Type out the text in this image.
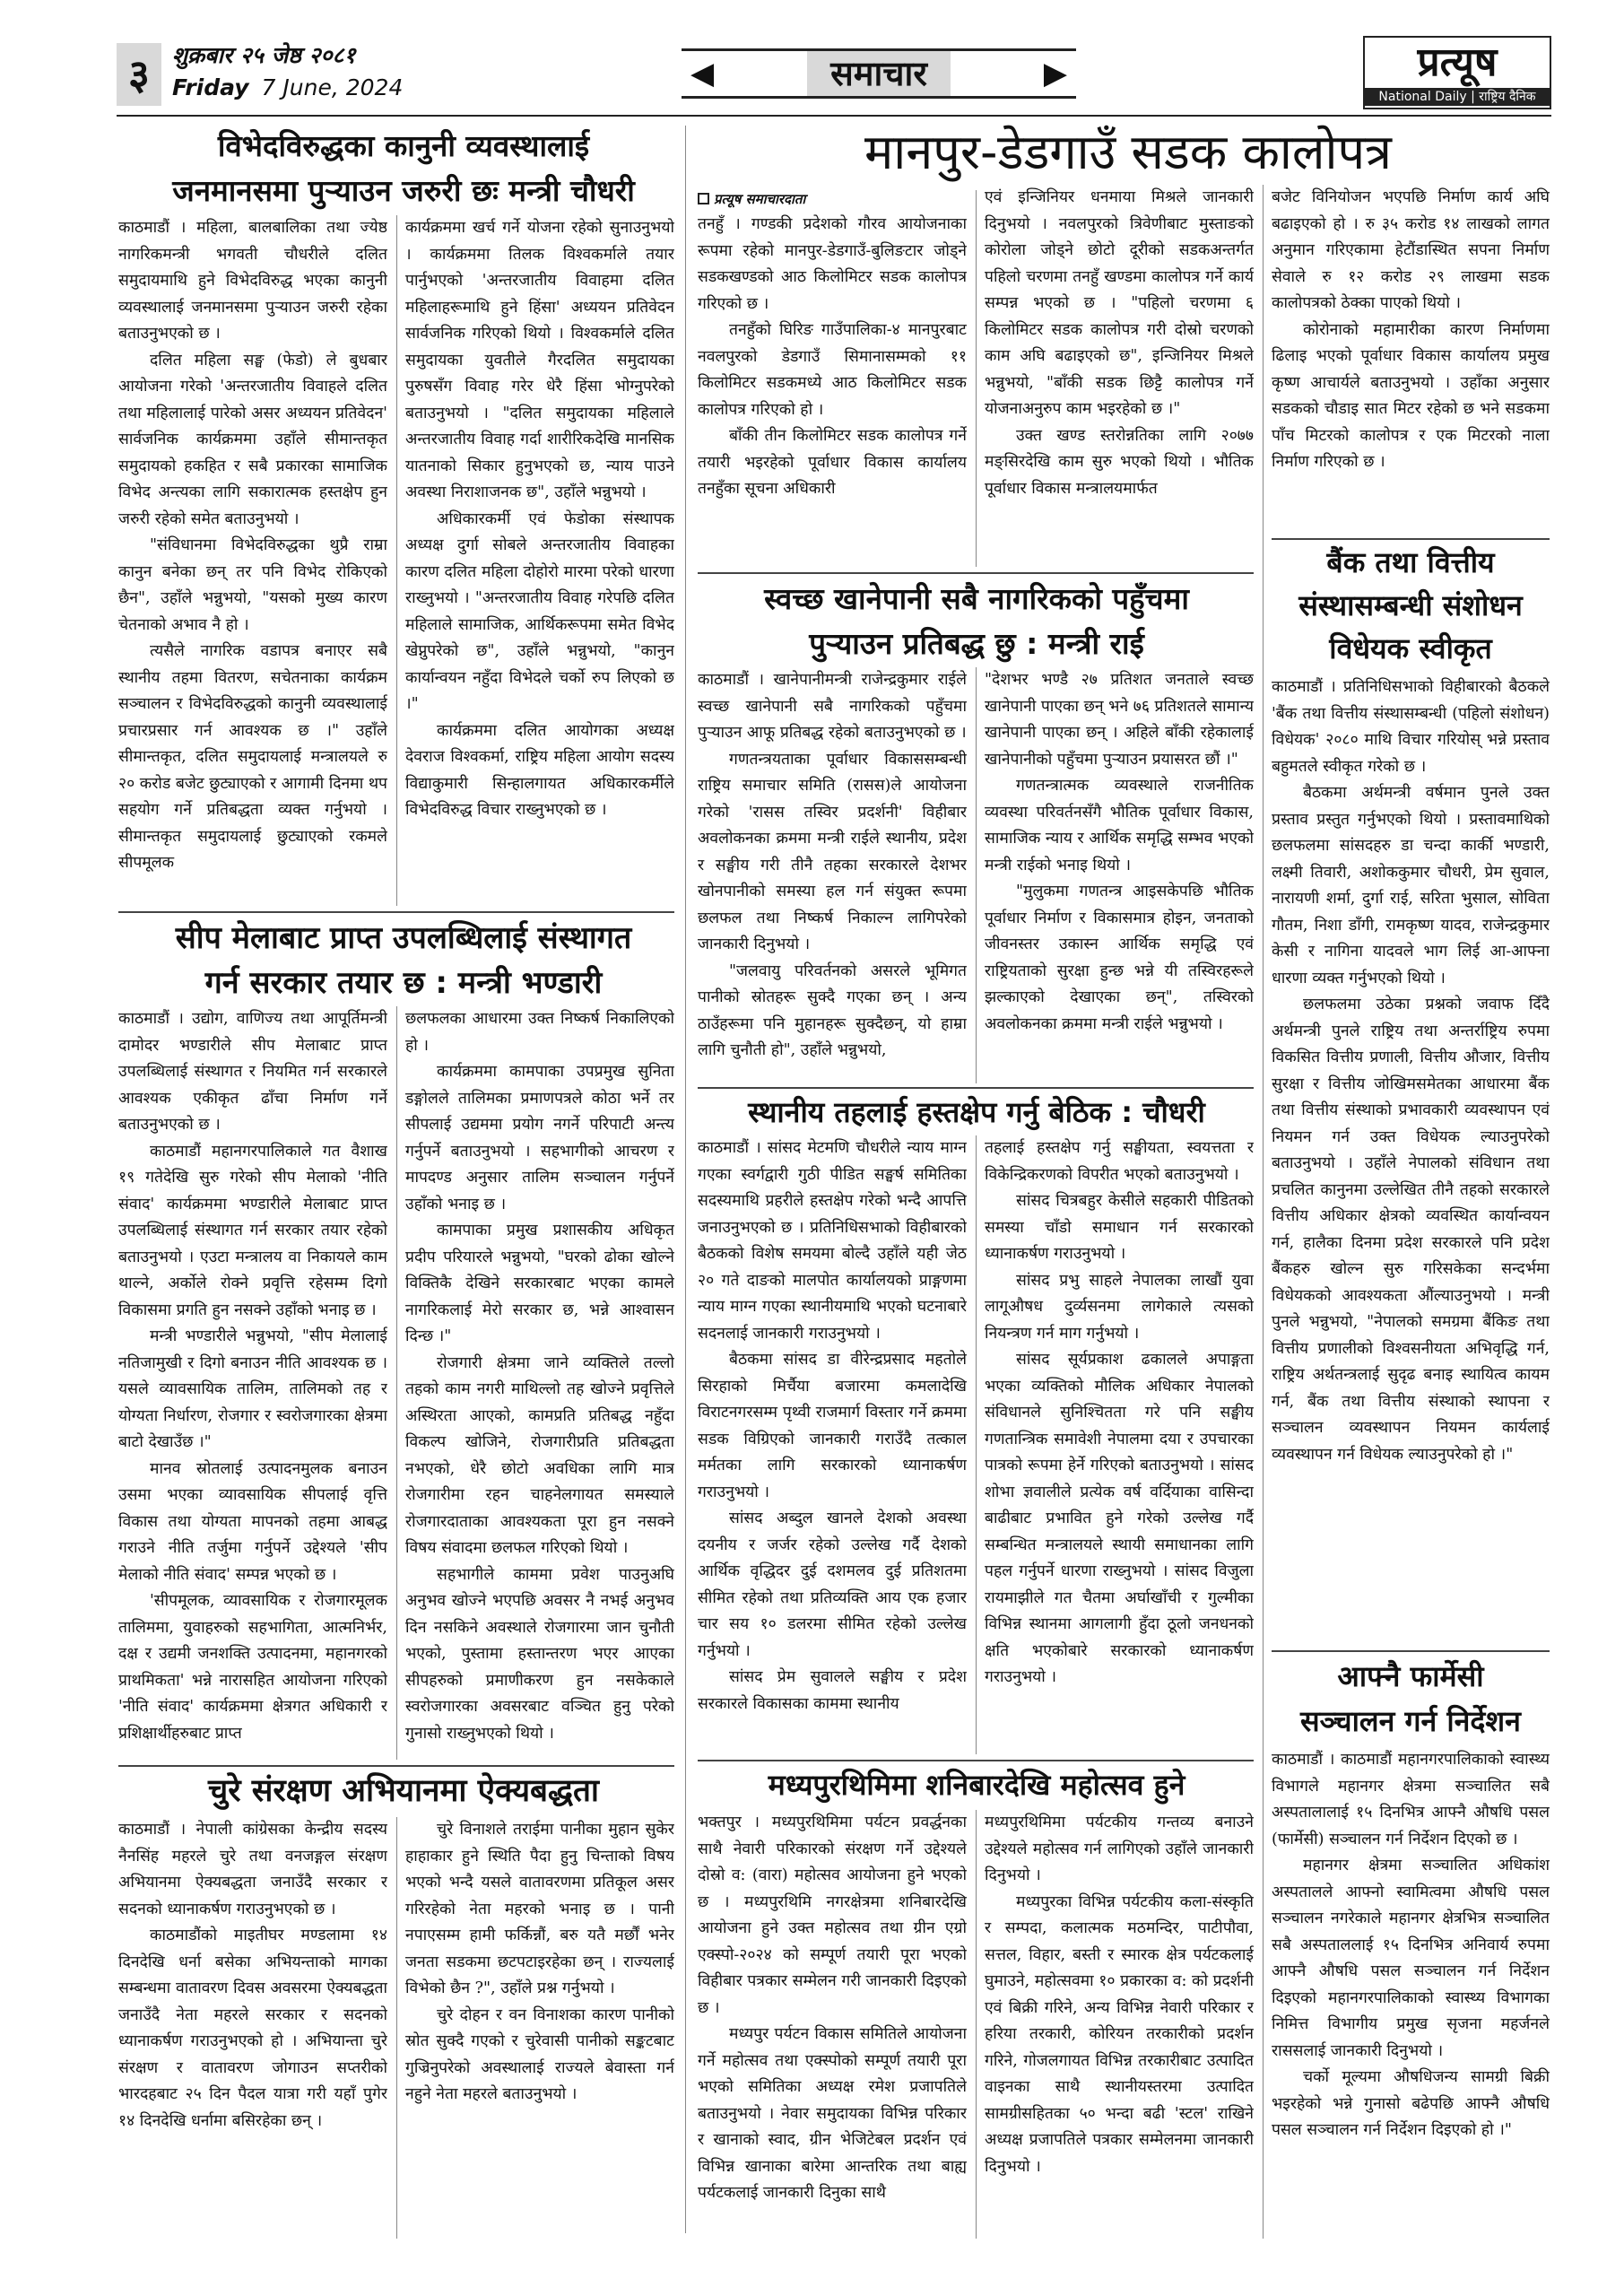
३	शुक्रबार २५ जेष्ठ २०८१
Friday 7 June, 2024	◀	समाचार	▶	प्रत्यूष
National Daily | राष्ट्रिय दैनिक
विभेदविरुद्धका कानुनी व्यवस्थालाई
जनमानसमा पुर्‍याउन जरुरी छः मन्त्री चौधरी

काठमाडौं । महिला, बालबालिका तथा ज्येष्ठ नागरिकमन्त्री भगवती चौधरीले दलित समुदायमाथि हुने विभेदविरुद्ध भएका कानुनी व्यवस्थालाई जनमानसमा पुर्‍याउन जरुरी रहेका बताउनुभएको छ ।

दलित महिला सङ्घ (फेडो) ले बुधबार आयोजना गरेको 'अन्तरजातीय विवाहले दलित तथा महिलालाई पारेको असर अध्ययन प्रतिवेदन' सार्वजनिक कार्यक्रममा उहाँले सीमान्तकृत समुदायको हकहित र सबै प्रकारका सामाजिक विभेद अन्त्यका लागि सकारात्मक हस्तक्षेप हुन जरुरी रहेको समेत बताउनुभयो ।

"संविधानमा विभेदविरुद्धका थुप्रै राम्रा कानुन बनेका छन् तर पनि विभेद रोकिएको छैन", उहाँले भन्नुभयो, "यसको मुख्य कारण चेतनाको अभाव नै हो ।

त्यसैले नागरिक वडापत्र बनाएर सबै स्थानीय तहमा वितरण, सचेतनाका कार्यक्रम सञ्चालन र विभेदविरुद्धको कानुनी व्यवस्थालाई प्रचारप्रसार गर्न आवश्यक छ ।" उहाँले सीमान्तकृत, दलित समुदायलाई मन्त्रालयले रु २० करोड बजेट छुट्याएको र आगामी दिनमा थप सहयोग गर्ने प्रतिबद्धता व्यक्त गर्नुभयो । सीमान्तकृत समुदायलाई छुट्याएको रकमले सीपमूलक

कार्यक्रममा खर्च गर्ने योजना रहेको सुनाउनुभयो । कार्यक्रममा तिलक विश्वकर्माले तयार पार्नुभएको 'अन्तरजातीय विवाहमा दलित महिलाहरूमाथि हुने हिंसा' अध्ययन प्रतिवेदन सार्वजनिक गरिएको थियो । विश्वकर्माले दलित समुदायका युवतीले गैरदलित समुदायका पुरुषसँग विवाह गरेर धेरै हिंसा भोग्नुपरेको बताउनुभयो । "दलित समुदायका महिलाले अन्तरजातीय विवाह गर्दा शारीरिकदेखि मानसिक यातनाको सिकार हुनुभएको छ, न्याय पाउने अवस्था निराशाजनक छ", उहाँले भन्नुभयो ।

अधिकारकर्मी एवं फेडोका संस्थापक अध्यक्ष दुर्गा सोबले अन्तरजातीय विवाहका कारण दलित महिला दोहोरो मारमा परेको धारणा राख्नुभयो । "अन्तरजातीय विवाह गरेपछि दलित महिलाले सामाजिक, आर्थिकरूपमा समेत विभेद खेप्नुपरेको छ", उहाँले भन्नुभयो, "कानुन कार्यान्वयन नहुँदा विभेदले चर्को रुप लिएको छ ।"

कार्यक्रममा दलित आयोगका अध्यक्ष देवराज विश्वकर्मा, राष्ट्रिय महिला आयोग सदस्य विद्याकुमारी सिन्हालगायत अधिकारकर्मीले विभेदविरुद्ध विचार राख्नुभएको छ ।

सीप मेलाबाट प्राप्त उपलब्धिलाई संस्थागत
गर्न सरकार तयार छ : मन्त्री भण्डारी

काठमाडौं । उद्योग, वाणिज्य तथा आपूर्तिमन्त्री दामोदर भण्डारीले सीप मेलाबाट प्राप्त उपलब्धिलाई संस्थागत र नियमित गर्न सरकारले आवश्यक एकीकृत ढाँचा निर्माण गर्ने बताउनुभएको छ ।

काठमाडौं महानगरपालिकाले गत वैशाख १९ गतेदेखि सुरु गरेको सीप मेलाको 'नीति संवाद' कार्यक्रममा भण्डारीले मेलाबाट प्राप्त उपलब्धिलाई संस्थागत गर्न सरकार तयार रहेको बताउनुभयो । एउटा मन्त्रालय वा निकायले काम थाल्ने, अर्कोले रोक्ने प्रवृत्ति रहेसम्म दिगो विकासमा प्रगति हुन नसक्ने उहाँको भनाइ छ ।

मन्त्री भण्डारीले भन्नुभयो, "सीप मेलालाई नतिजामुखी र दिगो बनाउन नीति आवश्यक छ । यसले व्यावसायिक तालिम, तालिमको तह र योग्यता निर्धारण, रोजगार र स्वरोजगारका क्षेत्रमा बाटो देखाउँछ ।"

मानव स्रोतलाई उत्पादनमुलक बनाउन उसमा भएका व्यावसायिक सीपलाई वृत्ति विकास तथा योग्यता मापनको तहमा आबद्ध गराउने नीति तर्जुमा गर्नुपर्ने उद्देश्यले 'सीप मेलाको नीति संवाद' सम्पन्न भएको छ ।

'सीपमूलक, व्यावसायिक र रोजगारमूलक तालिममा, युवाहरुको सहभागिता, आत्मनिर्भर, दक्ष र उद्यमी जनशक्ति उत्पादनमा, महानगरको प्राथमिकता' भन्ने नारासहित आयोजना गरिएको 'नीति संवाद' कार्यक्रममा क्षेत्रगत अधिकारी र प्रशिक्षार्थीहरुबाट प्राप्त

छलफलका आधारमा उक्त निष्कर्ष निकालिएको हो ।

कार्यक्रममा कामपाका उपप्रमुख सुनिता डङ्गोलले तालिमका प्रमाणपत्रले कोठा भर्ने तर सीपलाई उद्यममा प्रयोग नगर्ने परिपाटी अन्त्य गर्नुपर्ने बताउनुभयो । सहभागीको आचरण र मापदण्ड अनुसार तालिम सञ्चालन गर्नुपर्ने उहाँको भनाइ छ ।

कामपाका प्रमुख प्रशासकीय अधिकृत प्रदीप परियारले भन्नुभयो, "घरको ढोका खोल्ने विक्तिकै देखिने सरकारबाट भएका कामले नागरिकलाई मेरो सरकार छ, भन्ने आश्वासन दिन्छ ।"

रोजगारी क्षेत्रमा जाने व्यक्तिले तल्लो तहको काम नगरी माथिल्लो तह खोज्ने प्रवृत्तिले अस्थिरता आएको, कामप्रति प्रतिबद्ध नहुँदा विकल्प खोजिने, रोजगारीप्रति प्रतिबद्धता नभएको, धेरै छोटो अवधिका लागि मात्र रोजगारीमा रहन चाहनेलगायत समस्याले रोजगारदाताका आवश्यकता पूरा हुन नसक्ने विषय संवादमा छलफल गरिएको थियो ।

सहभागीले काममा प्रवेश पाउनुअघि अनुभव खोज्ने भएपछि अवसर नै नभई अनुभव दिन नसकिने अवस्थाले रोजगारमा जान चुनौती भएको, पुस्तामा हस्तान्तरण भएर आएका सीपहरुको प्रमाणीकरण हुन नसकेकाले स्वरोजगारका अवसरबाट वञ्चित हुनु परेको गुनासो राख्नुभएको थियो ।

चुरे संरक्षण अभियानमा ऐक्यबद्धता

काठमाडौं । नेपाली कांग्रेसका केन्द्रीय सदस्य नैनसिंह महरले चुरे तथा वनजङ्गल संरक्षण अभियानमा ऐक्यबद्धता जनाउँदै सरकार र सदनको ध्यानाकर्षण गराउनुभएको छ ।

काठमाडौंको माइतीघर मण्डलामा १४ दिनदेखि धर्ना बसेका अभियन्ताको मागका सम्बन्धमा वातावरण दिवस अवसरमा ऐक्यबद्धता जनाउँदै नेता महरले सरकार र सदनको ध्यानाकर्षण गराउनुभएको हो । अभियान्ता चुरे संरक्षण र वातावरण जोगाउन सप्तरीको भारदहबाट २५ दिन पैदल यात्रा गरी यहाँ पुगेर १४ दिनदेखि धर्नामा बसिरहेका छन् ।

चुरे विनाशले तराईमा पानीका मुहान सुकेर हाहाकार हुने स्थिति पैदा हुनु चिन्ताको विषय भएको भन्दै यसले वातावरणमा प्रतिकूल असर गरिरहेको नेता महरको भनाइ छ । पानी नपाएसम्म हामी फर्किन्नौं, बरु यतै मर्छौं भनेर जनता सडकमा छटपटाइरहेका छन् । राज्यलाई विभेको छैन ?", उहाँले प्रश्न गर्नुभयो ।

चुरे दोहन र वन विनाशका कारण पानीको स्रोत सुक्दै गएको र चुरेवासी पानीको सङ्कटबाट गुज्रिनुपरेको अवस्थालाई राज्यले बेवास्ता गर्न नहुने नेता महरले बताउनुभयो ।

मानपुर-डेडगाउँ सडक कालोपत्र
प्रत्यूष समाचारदाता

तनहुँ । गण्डकी प्रदेशको गौरव आयोजनाका रूपमा रहेको मानपुर-डेडगाउँ-बुलिङटार जोड्ने सडकखण्डको आठ किलोमिटर सडक कालोपत्र गरिएको छ ।

तनहुँको घिरिङ गाउँपालिका-४ मानपुरबाट नवलपुरको डेडगाउँ सिमानासम्मको ११ किलोमिटर सडकमध्ये आठ किलोमिटर सडक कालोपत्र गरिएको हो ।

बाँकी तीन किलोमिटर सडक कालोपत्र गर्ने तयारी भइरहेको पूर्वाधार विकास कार्यालय तनहुँका सूचना अधिकारी

एवं इन्जिनियर धनमाया मिश्रले जानकारी दिनुभयो । नवलपुरको त्रिवेणीबाट मुस्ताङको कोरोला जोड्ने छोटो दूरीको सडकअन्तर्गत पहिलो चरणमा तनहुँ खण्डमा कालोपत्र गर्ने कार्य सम्पन्न भएको छ । "पहिलो चरणमा ६ किलोमिटर सडक कालोपत्र गरी दोस्रो चरणको काम अघि बढाइएको छ", इन्जिनियर मिश्रले भन्नुभयो, "बाँकी सडक छिट्टै कालोपत्र गर्ने योजनाअनुरुप काम भइरहेको छ ।"

उक्त खण्ड स्तरोन्नतिका लागि २०७७ मङ्सिरदेखि काम सुरु भएको थियो । भौतिक पूर्वाधार विकास मन्त्रालयमार्फत

बजेट विनियोजन भएपछि निर्माण कार्य अघि बढाइएको हो । रु ३५ करोड १४ लाखको लागत अनुमान गरिएकामा हेटौंडास्थित सपना निर्माण सेवाले रु १२ करोड २९ लाखमा सडक कालोपत्रको ठेक्का पाएको थियो ।

कोरोनाको महामारीका कारण निर्माणमा ढिलाइ भएको पूर्वाधार विकास कार्यालय प्रमुख कृष्ण आचार्यले बताउनुभयो । उहाँका अनुसार सडकको चौडाइ सात मिटर रहेको छ भने सडकमा पाँच मिटरको कालोपत्र र एक मिटरको नाला निर्माण गरिएको छ ।

स्वच्छ खानेपानी सबै नागरिकको पहुँचमा
पुर्‍याउन प्रतिबद्ध छु : मन्त्री राई

काठमाडौं । खानेपानीमन्त्री राजेन्द्रकुमार राईले स्वच्छ खानेपानी सबै नागरिकको पहुँचमा पुर्‍याउन आफू प्रतिबद्ध रहेको बताउनुभएको छ ।

गणतन्त्रयताका पूर्वाधार विकाससम्बन्धी राष्ट्रिय समाचार समिति (रासस)ले आयोजना गरेको 'रासस तस्विर प्रदर्शनी' विहीबार अवलोकनका क्रममा मन्त्री राईले स्थानीय, प्रदेश र सङ्घीय गरी तीनै तहका सरकारले देशभर खोनपानीको समस्या हल गर्न संयुक्त रूपमा छलफल तथा निष्कर्ष निकाल्न लागिपरेको जानकारी दिनुभयो ।

"जलवायु परिवर्तनको असरले भूमिगत पानीको स्रोतहरू सुक्दै गएका छन् । अन्य ठाउँहरूमा पनि मुहानहरू सुक्दैछन्, यो हाम्रा लागि चुनौती हो", उहाँले भन्नुभयो,

"देशभर भण्डै २७ प्रतिशत जनताले स्वच्छ खानेपानी पाएका छन् भने ७६ प्रतिशतले सामान्य खानेपानी पाएका छन् । अहिले बाँकी रहेकालाई खानेपानीको पहुँचमा पुर्‍याउन प्रयासरत छौं ।"

गणतन्त्रात्मक व्यवस्थाले राजनीतिक व्यवस्था परिवर्तनसँगै भौतिक पूर्वाधार विकास, सामाजिक न्याय र आर्थिक समृद्धि सम्भव भएको मन्त्री राईको भनाइ थियो ।

"मुलुकमा गणतन्त्र आइसकेपछि भौतिक पूर्वाधार निर्माण र विकासमात्र होइन, जनताको जीवनस्तर उकास्न आर्थिक समृद्धि एवं राष्ट्रियताको सुरक्षा हुन्छ भन्ने यी तस्विरहरूले झल्काएको देखाएका छन्", तस्विरको अवलोकनका क्रममा मन्त्री राईले भन्नुभयो ।

स्थानीय तहलाई हस्तक्षेप गर्नु बेठिक : चौधरी

काठमाडौं । सांसद मेटमणि चौधरीले न्याय माग्न गएका स्वर्गद्वारी गुठी पीडित सङ्घर्ष समितिका सदस्यमाथि प्रहरीले हस्तक्षेप गरेको भन्दै आपत्ति जनाउनुभएको छ । प्रतिनिधिसभाको विहीबारको बैठकको विशेष समयमा बोल्दै उहाँले यही जेठ २० गते दाङको मालपोत कार्यालयको प्राङ्गणमा न्याय माग्न गएका स्थानीयमाथि भएको घटनाबारे सदनलाई जानकारी गराउनुभयो ।

बैठकमा सांसद डा वीरेन्द्रप्रसाद महतोले सिरहाको मिर्चैया बजारमा कमलादेखि विराटनगरसम्म पृथ्वी राजमार्ग विस्तार गर्ने क्रममा सडक विग्रिएको जानकारी गराउँदै तत्काल मर्मतका लागि सरकारको ध्यानाकर्षण गराउनुभयो ।

सांसद अब्दुल खानले देशको अवस्था दयनीय र जर्जर रहेको उल्लेख गर्दै देशको आर्थिक वृद्धिदर दुई दशमलव दुई प्रतिशतमा सीमित रहेको तथा प्रतिव्यक्ति आय एक हजार चार सय १० डलरमा सीमित रहेको उल्लेख गर्नुभयो ।

सांसद प्रेम सुवालले सङ्घीय र प्रदेश सरकारले विकासका काममा स्थानीय

तहलाई हस्तक्षेप गर्नु सङ्घीयता, स्वयत्तता र विकेन्द्रिकरणको विपरीत भएको बताउनुभयो ।

सांसद चित्रबहुर केसीले सहकारी पीडितको समस्या चाँडो समाधान गर्न सरकारको ध्यानाकर्षण गराउनुभयो ।

सांसद प्रभु साहले नेपालका लाखौं युवा लागूऔषध दुर्व्यसनमा लागेकाले त्यसको नियन्त्रण गर्न माग गर्नुभयो ।

सांसद सूर्यप्रकाश ढकालले अपाङ्गता भएका व्यक्तिको मौलिक अधिकार नेपालको संविधानले सुनिश्चितता गरे पनि सङ्घीय गणतान्त्रिक समावेशी नेपालमा दया र उपचारका पात्रको रूपमा हेर्ने गरिएको बताउनुभयो । सांसद शोभा ज्ञवालीले प्रत्येक वर्ष वर्दियाका वासिन्दा बाढीबाट प्रभावित हुने गरेको उल्लेख गर्दै सम्बन्धित मन्त्रालयले स्थायी समाधानका लागि पहल गर्नुपर्ने धारणा राख्नुभयो । सांसद विजुला रायमाझीले गत चैतमा अर्घाखाँची र गुल्मीका विभिन्न स्थानमा आगलागी हुँदा ठूलो जनधनको क्षति भएकोबारे सरकारको ध्यानाकर्षण गराउनुभयो ।

मध्यपुरथिमिमा शनिबारदेखि महोत्सव हुने

भक्तपुर । मध्यपुरथिमिमा पर्यटन प्रवर्द्धनका साथै नेवारी परिकारको संरक्षण गर्ने उद्देश्यले दोस्रो व: (वारा) महोत्सव आयोजना हुने भएको छ । मध्यपुरथिमि नगरक्षेत्रमा शनिबारदेखि आयोजना हुने उक्त महोत्सव तथा ग्रीन एग्रो एक्स्पो-२०२४ को सम्पूर्ण तयारी पूरा भएको विहीबार पत्रकार सम्मेलन गरी जानकारी दिइएको छ ।

मध्यपुर पर्यटन विकास समितिले आयोजना गर्ने महोत्सव तथा एक्स्पोको सम्पूर्ण तयारी पूरा भएको समितिका अध्यक्ष रमेश प्रजापतिले बताउनुभयो । नेवार समुदायका विभिन्न परिकार र खानाको स्वाद, ग्रीन भेजिटेबल प्रदर्शन एवं विभिन्न खानाका बारेमा आन्तरिक तथा बाह्य पर्यटकलाई जानकारी दिनुका साथै

मध्यपुरथिमिमा पर्यटकीय गन्तव्य बनाउने उद्देश्यले महोत्सव गर्न लागिएको उहाँले जानकारी दिनुभयो ।

मध्यपुरका विभिन्न पर्यटकीय कला-संस्कृति र सम्पदा, कलात्मक मठमन्दिर, पाटीपौवा, सत्तल, विहार, बस्ती र स्मारक क्षेत्र पर्यटकलाई घुमाउने, महोत्सवमा १० प्रकारका व: को प्रदर्शनी एवं बिक्री गरिने, अन्य विभिन्न नेवारी परिकार र हरिया तरकारी, कोरियन तरकारीको प्रदर्शन गरिने, गोजलगायत विभिन्न तरकारीबाट उत्पादित वाइनका साथै स्थानीयस्तरमा उत्पादित सामग्रीसहितका ५० भन्दा बढी 'स्टल' राखिने अध्यक्ष प्रजापतिले पत्रकार सम्मेलनमा जानकारी दिनुभयो ।

बैंक तथा वित्तीय
संस्थासम्बन्धी संशोधन
विधेयक स्वीकृत

काठमाडौं । प्रतिनिधिसभाको विहीबारको बैठकले 'बैंक तथा वित्तीय संस्थासम्बन्धी (पहिलो संशोधन) विधेयक' २०८० माथि विचार गरियोस् भन्ने प्रस्ताव बहुमतले स्वीकृत गरेको छ ।

बैठकमा अर्थमन्त्री वर्षमान पुनले उक्त प्रस्ताव प्रस्तुत गर्नुभएको थियो । प्रस्तावमाथिको छलफलमा सांसदहरु डा चन्दा कार्की भण्डारी, लक्ष्मी तिवारी, अशोककुमार चौधरी, प्रेम सुवाल, नारायणी शर्मा, दुर्गा राई, सरिता भुसाल, सोविता गौतम, निशा डाँगी, रामकृष्ण यादव, राजेन्द्रकुमार केसी र नागिना यादवले भाग लिई आ-आफ्ना धारणा व्यक्त गर्नुभएको थियो ।

छलफलमा उठेका प्रश्नको जवाफ दिँदै अर्थमन्त्री पुनले राष्ट्रिय तथा अन्तर्राष्ट्रिय रुपमा विकसित वित्तीय प्रणाली, वित्तीय औजार, वित्तीय सुरक्षा र वित्तीय जोखिमसमेतका आधारमा बैंक तथा वित्तीय संस्थाको प्रभावकारी व्यवस्थापन एवं नियमन गर्न उक्त विधेयक ल्याउनुपरेको बताउनुभयो । उहाँले नेपालको संविधान तथा प्रचलित कानुनमा उल्लेखित तीनै तहको सरकारले वित्तीय अधिकार क्षेत्रको व्यवस्थित कार्यान्वयन गर्न, हालैका दिनमा प्रदेश सरकारले पनि प्रदेश बैंकहरु खोल्न सुरु गरिसकेका सन्दर्भमा विधेयकको आवश्यकता औंल्याउनुभयो । मन्त्री पुनले भन्नुभयो, "नेपालको समग्रमा बैंकिङ तथा वित्तीय प्रणालीको विश्वसनीयता अभिवृद्धि गर्न, राष्ट्रिय अर्थतन्त्रलाई सुदृढ बनाइ स्थायित्व कायम गर्न, बैंक तथा वित्तीय संस्थाको स्थापना र सञ्चालन व्यवस्थापन नियमन कार्यलाई व्यवस्थापन गर्न विधेयक ल्याउनुपरेको हो ।"

आफ्नै फार्मेसी
सञ्चालन गर्न निर्देशन

काठमाडौं । काठमाडौं महानगरपालिकाको स्वास्थ्य विभागले महानगर क्षेत्रमा सञ्चालित सबै अस्पतालालाई १५ दिनभित्र आफ्नै औषधि पसल (फार्मेसी) सञ्चालन गर्न निर्देशन दिएको छ ।

महानगर क्षेत्रमा सञ्चालित अधिकांश अस्पतालले आफ्नो स्वामित्वमा औषधि पसल सञ्चालन नगरेकाले महानगर क्षेत्रभित्र सञ्चालित सबै अस्पताललाई १५ दिनभित्र अनिवार्य रुपमा आफ्नै औषधि पसल सञ्चालन गर्न निर्देशन दिइएको महानगरपालिकाको स्वास्थ्य विभागका निमित्त विभागीय प्रमुख सृजना महर्जनले राससलाई जानकारी दिनुभयो ।

चर्को मूल्यमा औषधिजन्य सामग्री बिक्री भइरहेको भन्ने गुनासो बढेपछि आफ्नै औषधि पसल सञ्चालन गर्न निर्देशन दिइएको हो ।"
